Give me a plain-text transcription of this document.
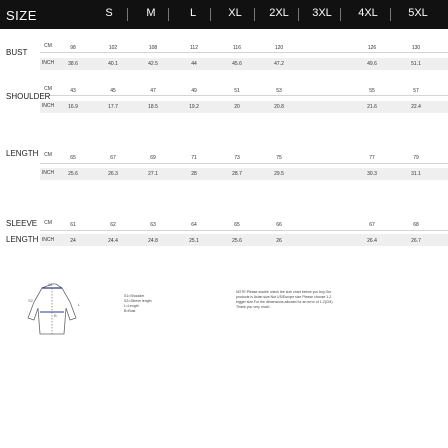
SIZE	S	M	L	XL	2XL	3XL	4XL	5XL
BUST
CM
INCH
98	102	108	112	116	120	126	130
38.6	40.1	42.5	44	45.6	47.2	49.6	51.1
SHOULDER
CM
INCH
43	45	47	49	51	53	55	57
16.9	17.7	18.5	19.2	20	20.8	21.6	22.4
LENGTH	CM
INCH
65	67	69	71	73	75	77	79
25.6	26.3	27.1	28	28.7	29.5	30.3	31.1
SLEEVE
LENGTH
CM
INCH
61	62	63	64	65	66	67	68
24	24.4	24.8	25.1	25.6	26	26.4	26.7
S2
L
B
S1
S1=Shoulder
S2=Sleeve length
L=Length
B=Bust
NOTE:Please double check the size chart before you buy.Our
products is Asian size.Not US/Europe size Please choose 1-2
bigger size.For the dimensions,allowed for an error of 1-2(CM).
Thank you very much.
